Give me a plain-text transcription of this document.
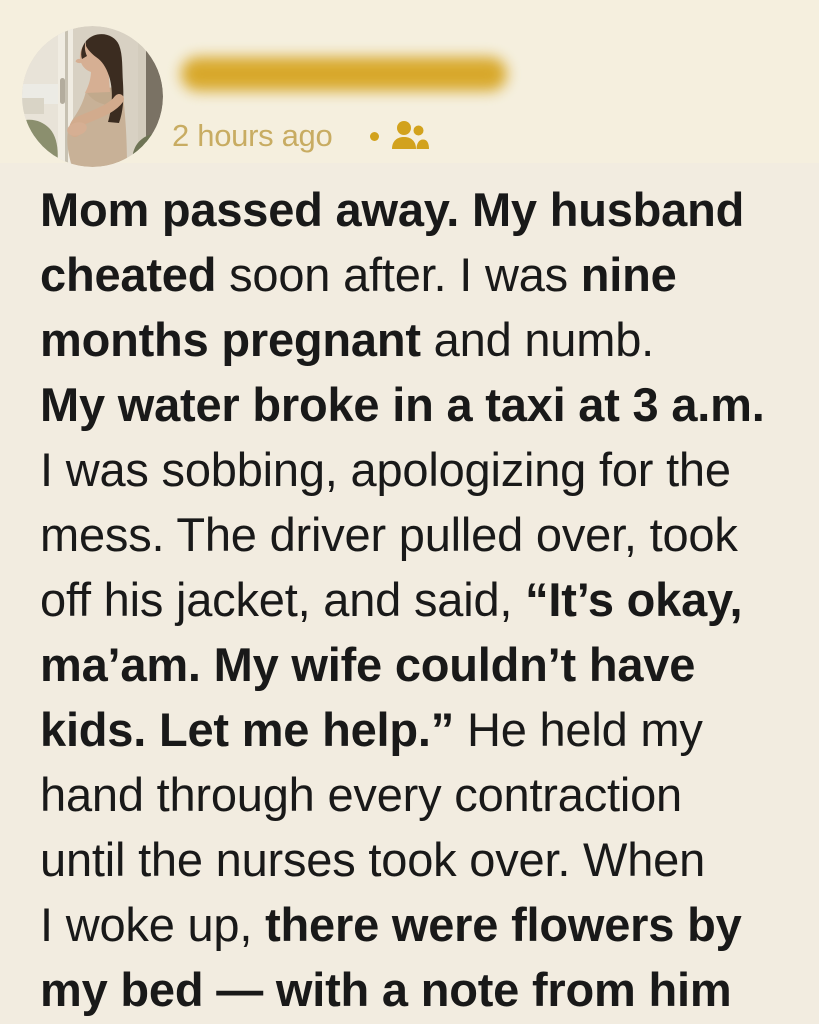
2 hours ago
Mom passed away. My husband
cheated soon after. I was nine
months pregnant and numb.
My water broke in a taxi at 3 a.m.
I was sobbing, apologizing for the
mess. The driver pulled over, took
off his jacket, and said, “It’s okay,
ma’am. My wife couldn’t have
kids. Let me help.” He held my
hand through every contraction
until the nurses took over. When
I woke up, there were flowers by
my bed — with a note from him
